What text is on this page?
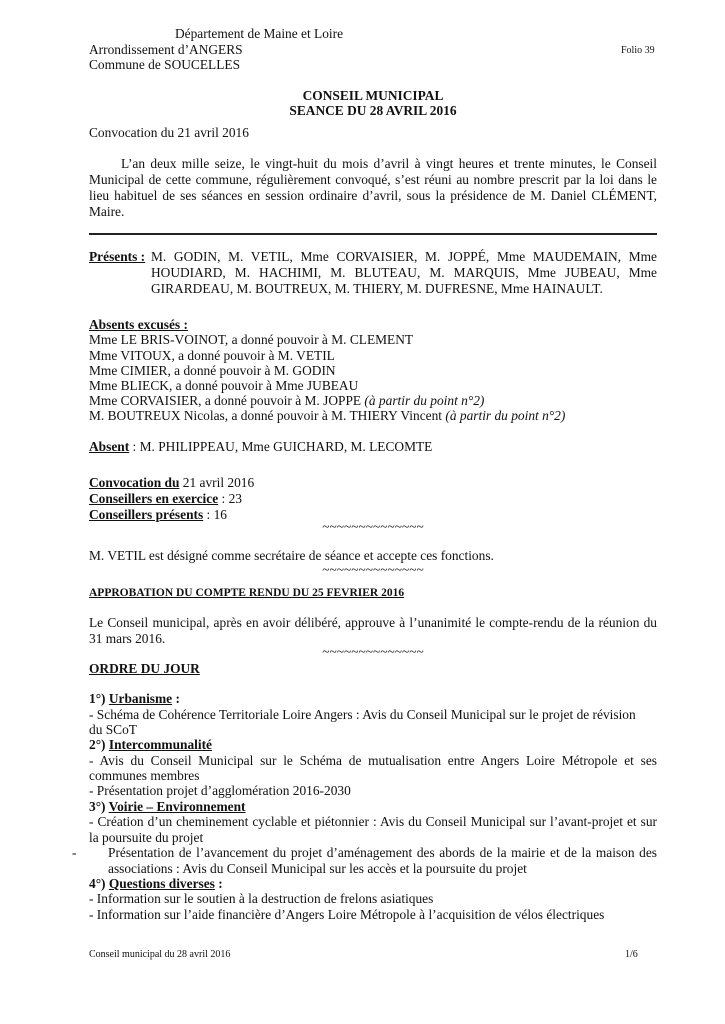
Département de Maine et Loire
Arrondissement d’ANGERS	Folio 39
Commune de SOUCELLES
CONSEIL MUNICIPAL
SEANCE DU 28 AVRIL 2016
Convocation du 21 avril 2016
L’an deux mille seize, le vingt-huit du mois d’avril à vingt heures et trente minutes, le Conseil
Municipal de cette commune, régulièrement convoqué, s’est réuni au nombre prescrit par la loi dans le
lieu habituel de ses séances en session ordinaire d’avril, sous la présidence de M. Daniel CLÉMENT,
Maire.
Présents : M. GODIN, M. VETIL, Mme CORVAISIER, M. JOPPÉ, Mme MAUDEMAIN, Mme
HOUDIARD, M. HACHIMI, M. BLUTEAU, M. MARQUIS, Mme JUBEAU, Mme
GIRARDEAU, M. BOUTREUX, M. THIERY, M. DUFRESNE, Mme HAINAULT.
Absents excusés :
Mme LE BRIS-VOINOT, a donné pouvoir à M. CLEMENT
Mme VITOUX, a donné pouvoir à M. VETIL
Mme CIMIER, a donné pouvoir à M. GODIN
Mme BLIECK, a donné pouvoir à Mme JUBEAU
Mme CORVAISIER, a donné pouvoir à M. JOPPE (à partir du point n°2)
M. BOUTREUX Nicolas, a donné pouvoir à M. THIERY Vincent (à partir du point n°2)
Absent : M. PHILIPPEAU, Mme GUICHARD, M. LECOMTE
Convocation du 21 avril 2016
Conseillers en exercice : 23
Conseillers présents : 16
~~~~~~~~~~~~~~
M. VETIL est désigné comme secrétaire de séance et accepte ces fonctions.
~~~~~~~~~~~~~~
APPROBATION DU COMPTE RENDU DU 25 FEVRIER 2016
Le Conseil municipal, après en avoir délibéré, approuve à l’unanimité le compte-rendu de la réunion du
31 mars 2016.
~~~~~~~~~~~~~~
ORDRE DU JOUR
1°) Urbanisme :
- Schéma de Cohérence Territoriale Loire Angers : Avis du Conseil Municipal sur le projet de révision
du SCoT
2°) Intercommunalité
- Avis du Conseil Municipal sur le Schéma de mutualisation entre Angers Loire Métropole et ses
communes membres
- Présentation projet d’agglomération 2016-2030
3°) Voirie – Environnement
- Création d’un cheminement cyclable et piétonnier : Avis du Conseil Municipal sur l’avant-projet et sur
la poursuite du projet
- Présentation de l’avancement du projet d’aménagement des abords de la mairie et de la maison des
associations : Avis du Conseil Municipal sur les accès et la poursuite du projet
4°) Questions diverses :
- Information sur le soutien à la destruction de frelons asiatiques
- Information sur l’aide financière d’Angers Loire Métropole à l’acquisition de vélos électriques
Conseil municipal du 28 avril 2016	1/6
